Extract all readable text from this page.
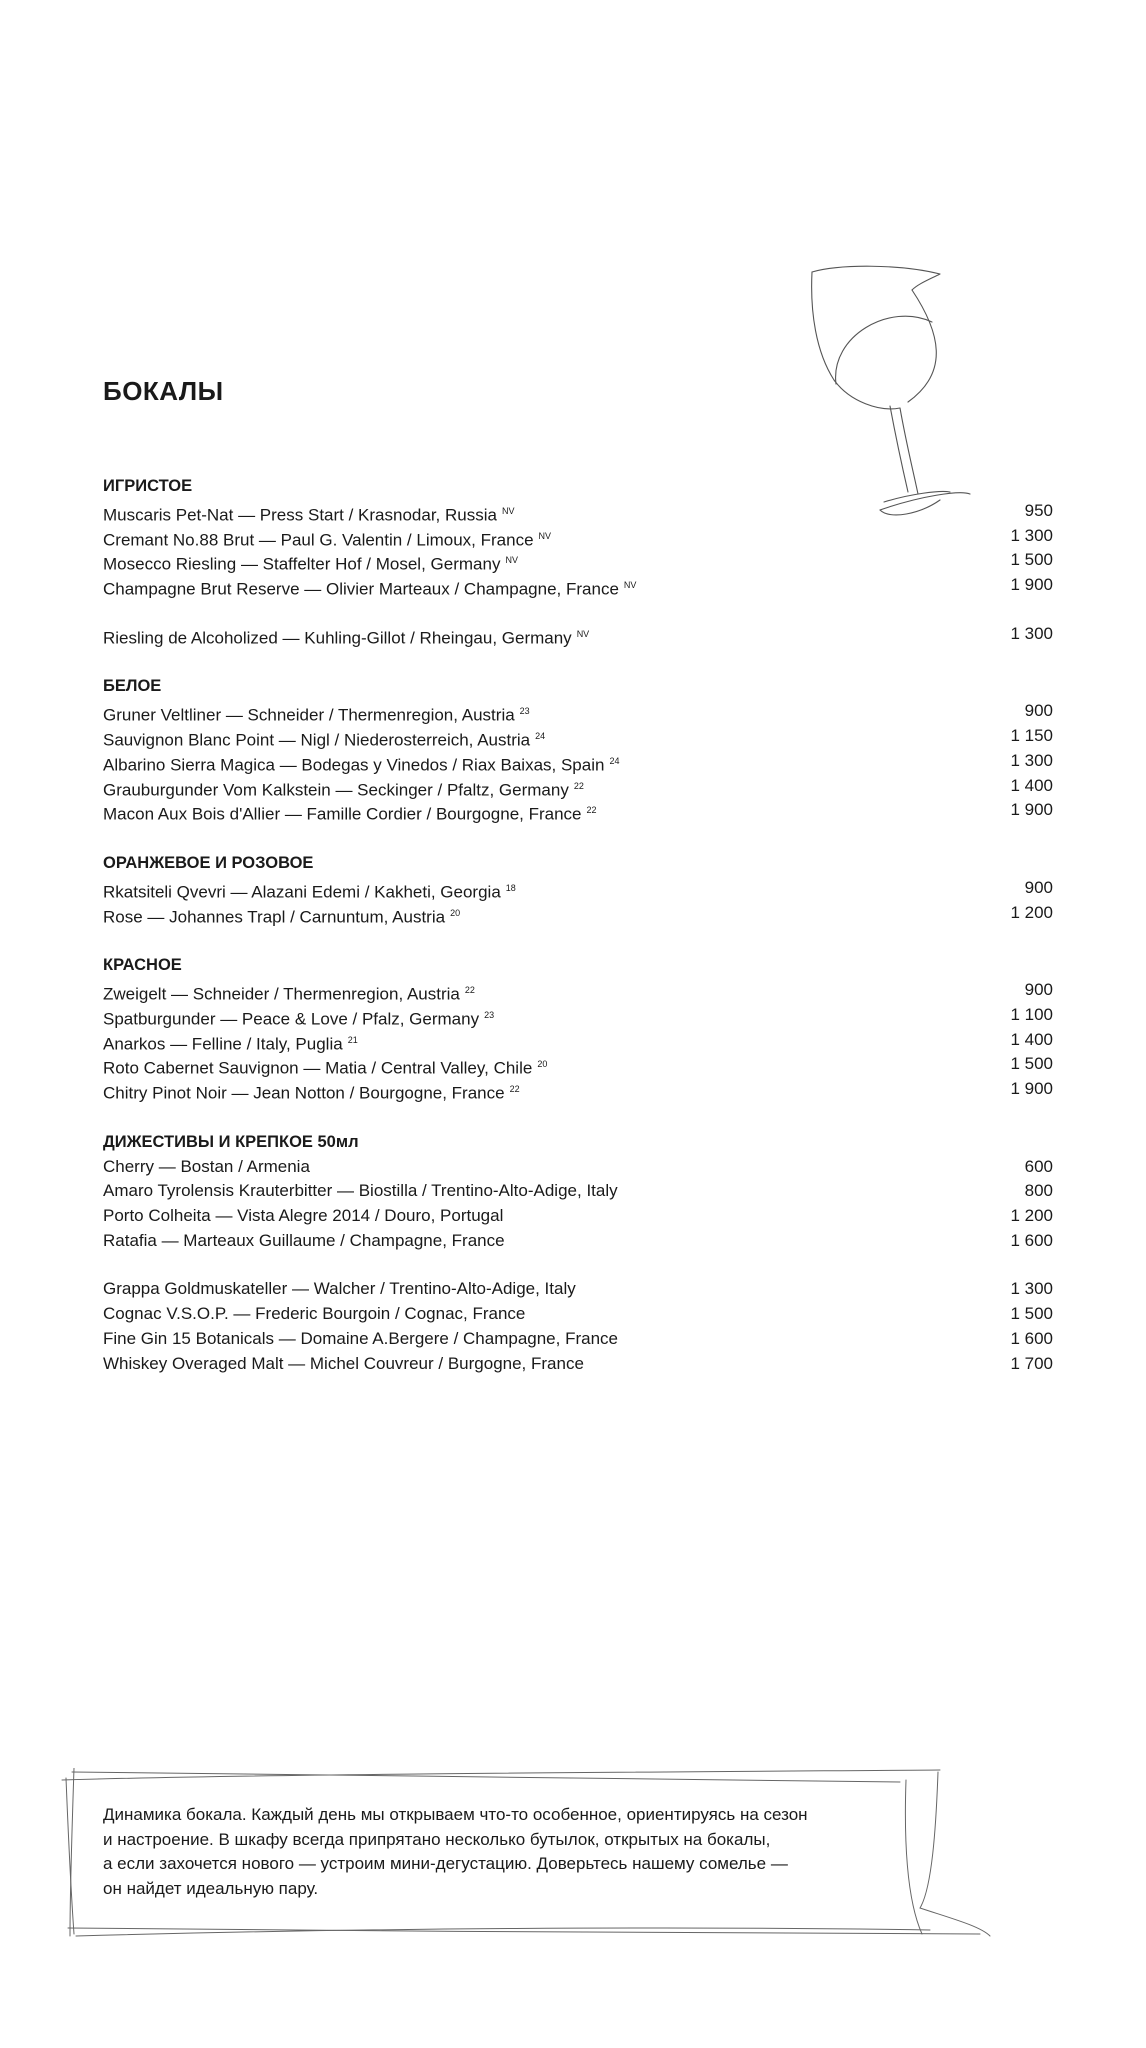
БОКАЛЫ
ИГРИСТОЕ
Muscaris Pet-Nat — Press Start / Krasnodar, Russia $^{NV}$	950
Cremant No.88 Brut — Paul G. Valentin / Limoux, France $^{NV}$	1 300
Mosecco Riesling — Staffelter Hof / Mosel, Germany $^{NV}$	1 500
Champagne Brut Reserve — Olivier Marteaux / Champagne, France $^{NV}$	1 900
Riesling de Alcoholized — Kuhling-Gillot / Rheingau, Germany $^{NV}$	1 300
БЕЛОЕ
Gruner Veltliner — Schneider / Thermenregion, Austria $^{23}$	900
Sauvignon Blanc Point — Nigl / Niederosterreich, Austria $^{24}$	1 150
Albarino Sierra Magica — Bodegas y Vinedos / Riax Baixas, Spain $^{24}$	1 300
Grauburgunder Vom Kalkstein — Seckinger / Pfaltz, Germany $^{22}$	1 400
Macon Aux Bois d'Allier — Famille Cordier / Bourgogne, France $^{22}$	1 900
ОРАНЖЕВОЕ И РОЗОВОЕ
Rkatsiteli Qvevri — Alazani Edemi / Kakheti, Georgia $^{18}$	900
Rose — Johannes Trapl / Carnuntum, Austria $^{20}$	1 200
КРАСНОЕ
Zweigelt — Schneider / Thermenregion, Austria $^{22}$	900
Spatburgunder — Peace & Love / Pfalz, Germany $^{23}$	1 100
Anarkos — Felline / Italy, Puglia $^{21}$	1 400
Roto Cabernet Sauvignon — Matia / Central Valley, Chile $^{20}$	1 500
Chitry Pinot Noir — Jean Notton / Bourgogne, France $^{22}$	1 900
ДИЖЕСТИВЫ И КРЕПКОЕ 50мл
Cherry — Bostan / Armenia	600
Amaro Tyrolensis Krauterbitter — Biostilla / Trentino-Alto-Adige, Italy	800
Porto Colheita — Vista Alegre 2014 / Douro, Portugal	1 200
Ratafia — Marteaux Guillaume / Champagne, France	1 600
Grappa Goldmuskateller — Walcher / Trentino-Alto-Adige, Italy	1 300
Cognac V.S.O.P. — Frederic Bourgoin / Cognac, France	1 500
Fine Gin 15 Botanicals — Domaine A.Bergere / Champagne, France	1 600
Whiskey Overaged Malt — Michel Couvreur / Burgogne, France	1 700

Динамика бокала. Каждый день мы открываем что-то особенное, ориентируясь на сезон
и настроение. В шкафу всегда припрятано несколько бутылок, открытых на бокалы,
а если захочется нового — устроим мини-дегустацию. Доверьтесь нашему сомелье —
он найдет идеальную пару.
